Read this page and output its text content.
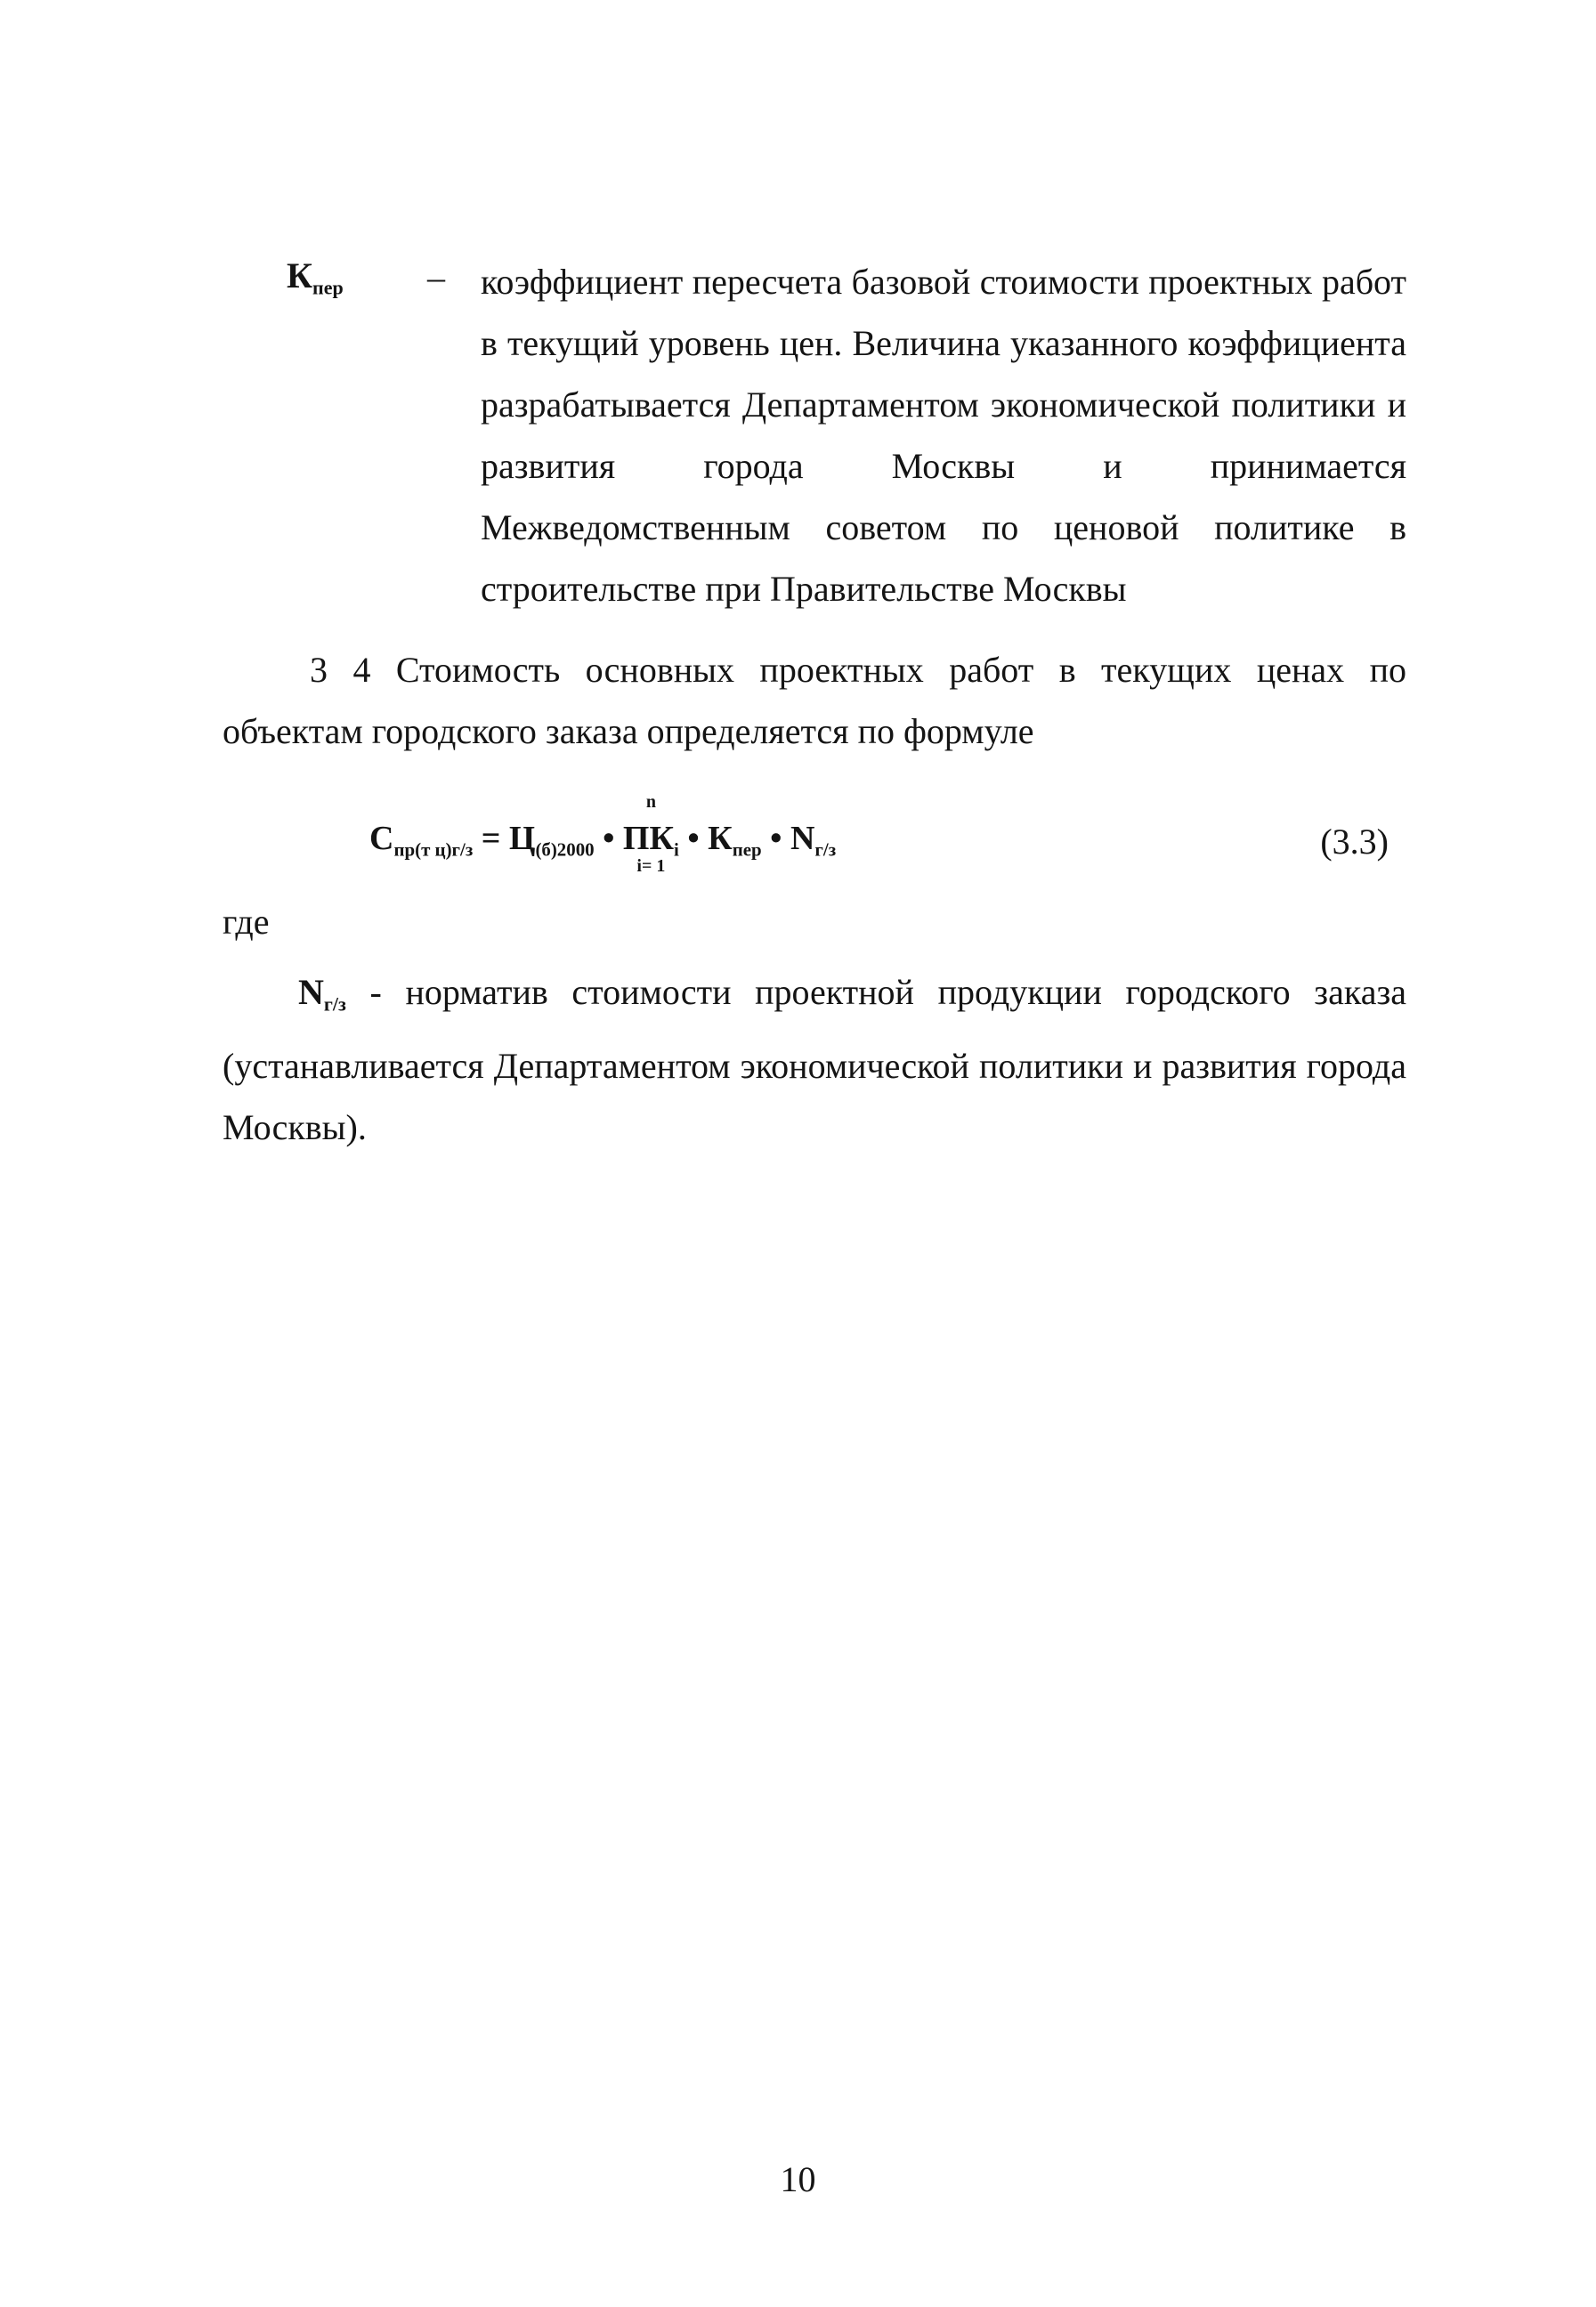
$К_{пер}$ – коэффициент пересчета базовой стоимости проектных работ в текущий уровень цен. Величина указанного коэффициента разрабатывается Департаментом экономической политики и развития города Москвы и принимается Межведомственным советом по ценовой политике в строительстве при Правительстве Москвы
3 4 Стоимость основных проектных работ в текущих ценах по объектам городского заказа определяется по формуле
$С_{пр(т ц)г/з} = Ц_{(б)2000}$ •
n
$ПК_i$
i= 1
• $К_{пер}$ • $N_{г/з}$	(3.3)
где
$N_{г/з}$ - норматив стоимости проектной продукции городского заказа (устанавливается Департаментом экономической политики и развития города Москвы).
10
